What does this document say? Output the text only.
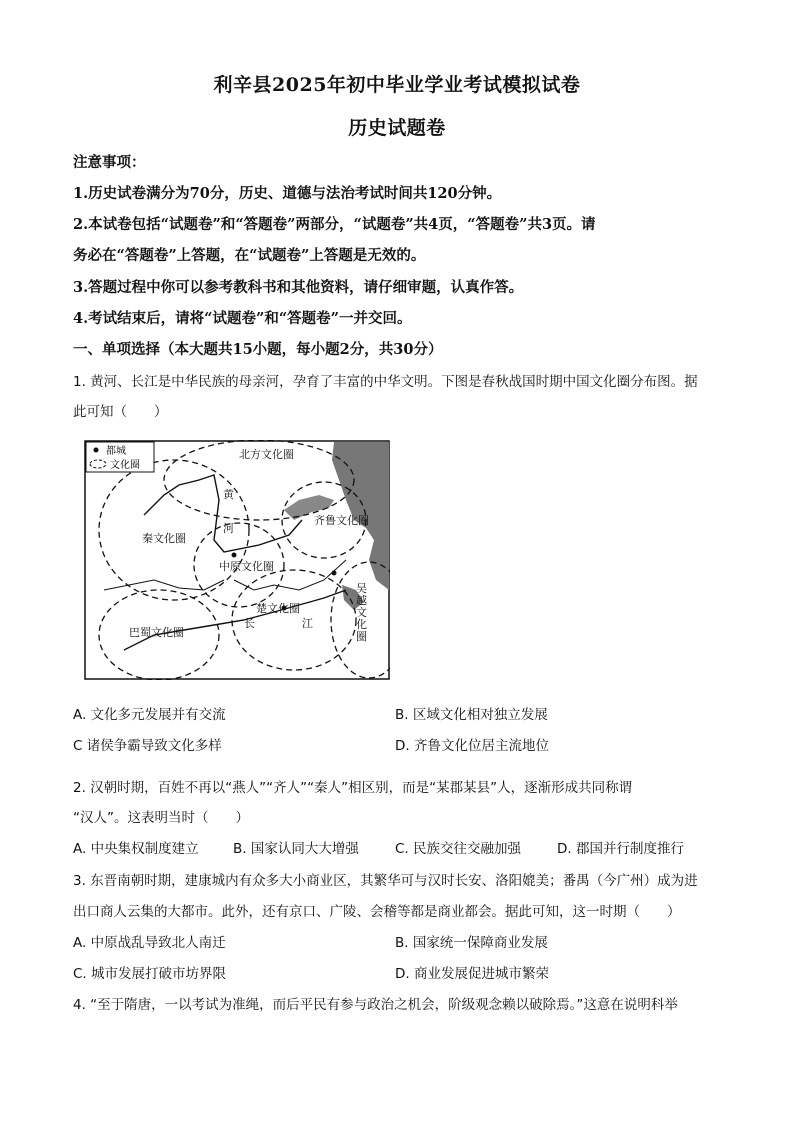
利辛县2025年初中毕业学业考试模拟试卷
历史试题卷
注意事项：
1.历史试卷满分为70分，历史、道德与法治考试时间共120分钟。
2.本试卷包括“试题卷”和“答题卷”两部分，“试题卷”共4页，“答题卷”共3页。请
务必在“答题卷”上答题，在“试题卷”上答题是无效的。
3.答题过程中你可以参考教科书和其他资料，请仔细审题，认真作答。
4.考试结束后，请将“试题卷”和“答题卷”一并交回。
一、单项选择（本大题共15小题，每小题2分，共30分）
1. 黄河、长江是中华民族的母亲河，孕育了丰富的中华文明。下图是春秋战国时期中国文化圈分布图。据
此可知（　　）
都城
文化圈
北方文化圈
齐鲁文化圈
秦文化圈
中原文化圈
楚文化圈
巴蜀文化圈
黄
河
长	江
吴越文化圈
A. 文化多元发展并有交流	B. 区域文化相对独立发展
C 诸侯争霸导致文化多样	D. 齐鲁文化位居主流地位
2. 汉朝时期，百姓不再以“燕人”“齐人”“秦人”相区别，而是“某郡某县”人，逐渐形成共同称谓
“汉人”。这表明当时（　　）
A. 中央集权制度建立	B. 国家认同大大增强	C. 民族交往交融加强	D. 郡国并行制度推行
3. 东晋南朝时期，建康城内有众多大小商业区，其繁华可与汉时长安、洛阳媲美；番禺（今广州）成为进
出口商人云集的大都市。此外，还有京口、广陵、会稽等都是商业都会。据此可知，这一时期（　　）
A. 中原战乱导致北人南迁	B. 国家统一保障商业发展
C. 城市发展打破市坊界限	D. 商业发展促进城市繁荣
4. “至于隋唐，一以考试为准绳，而后平民有参与政治之机会，阶级观念赖以破除焉。”这意在说明科举
